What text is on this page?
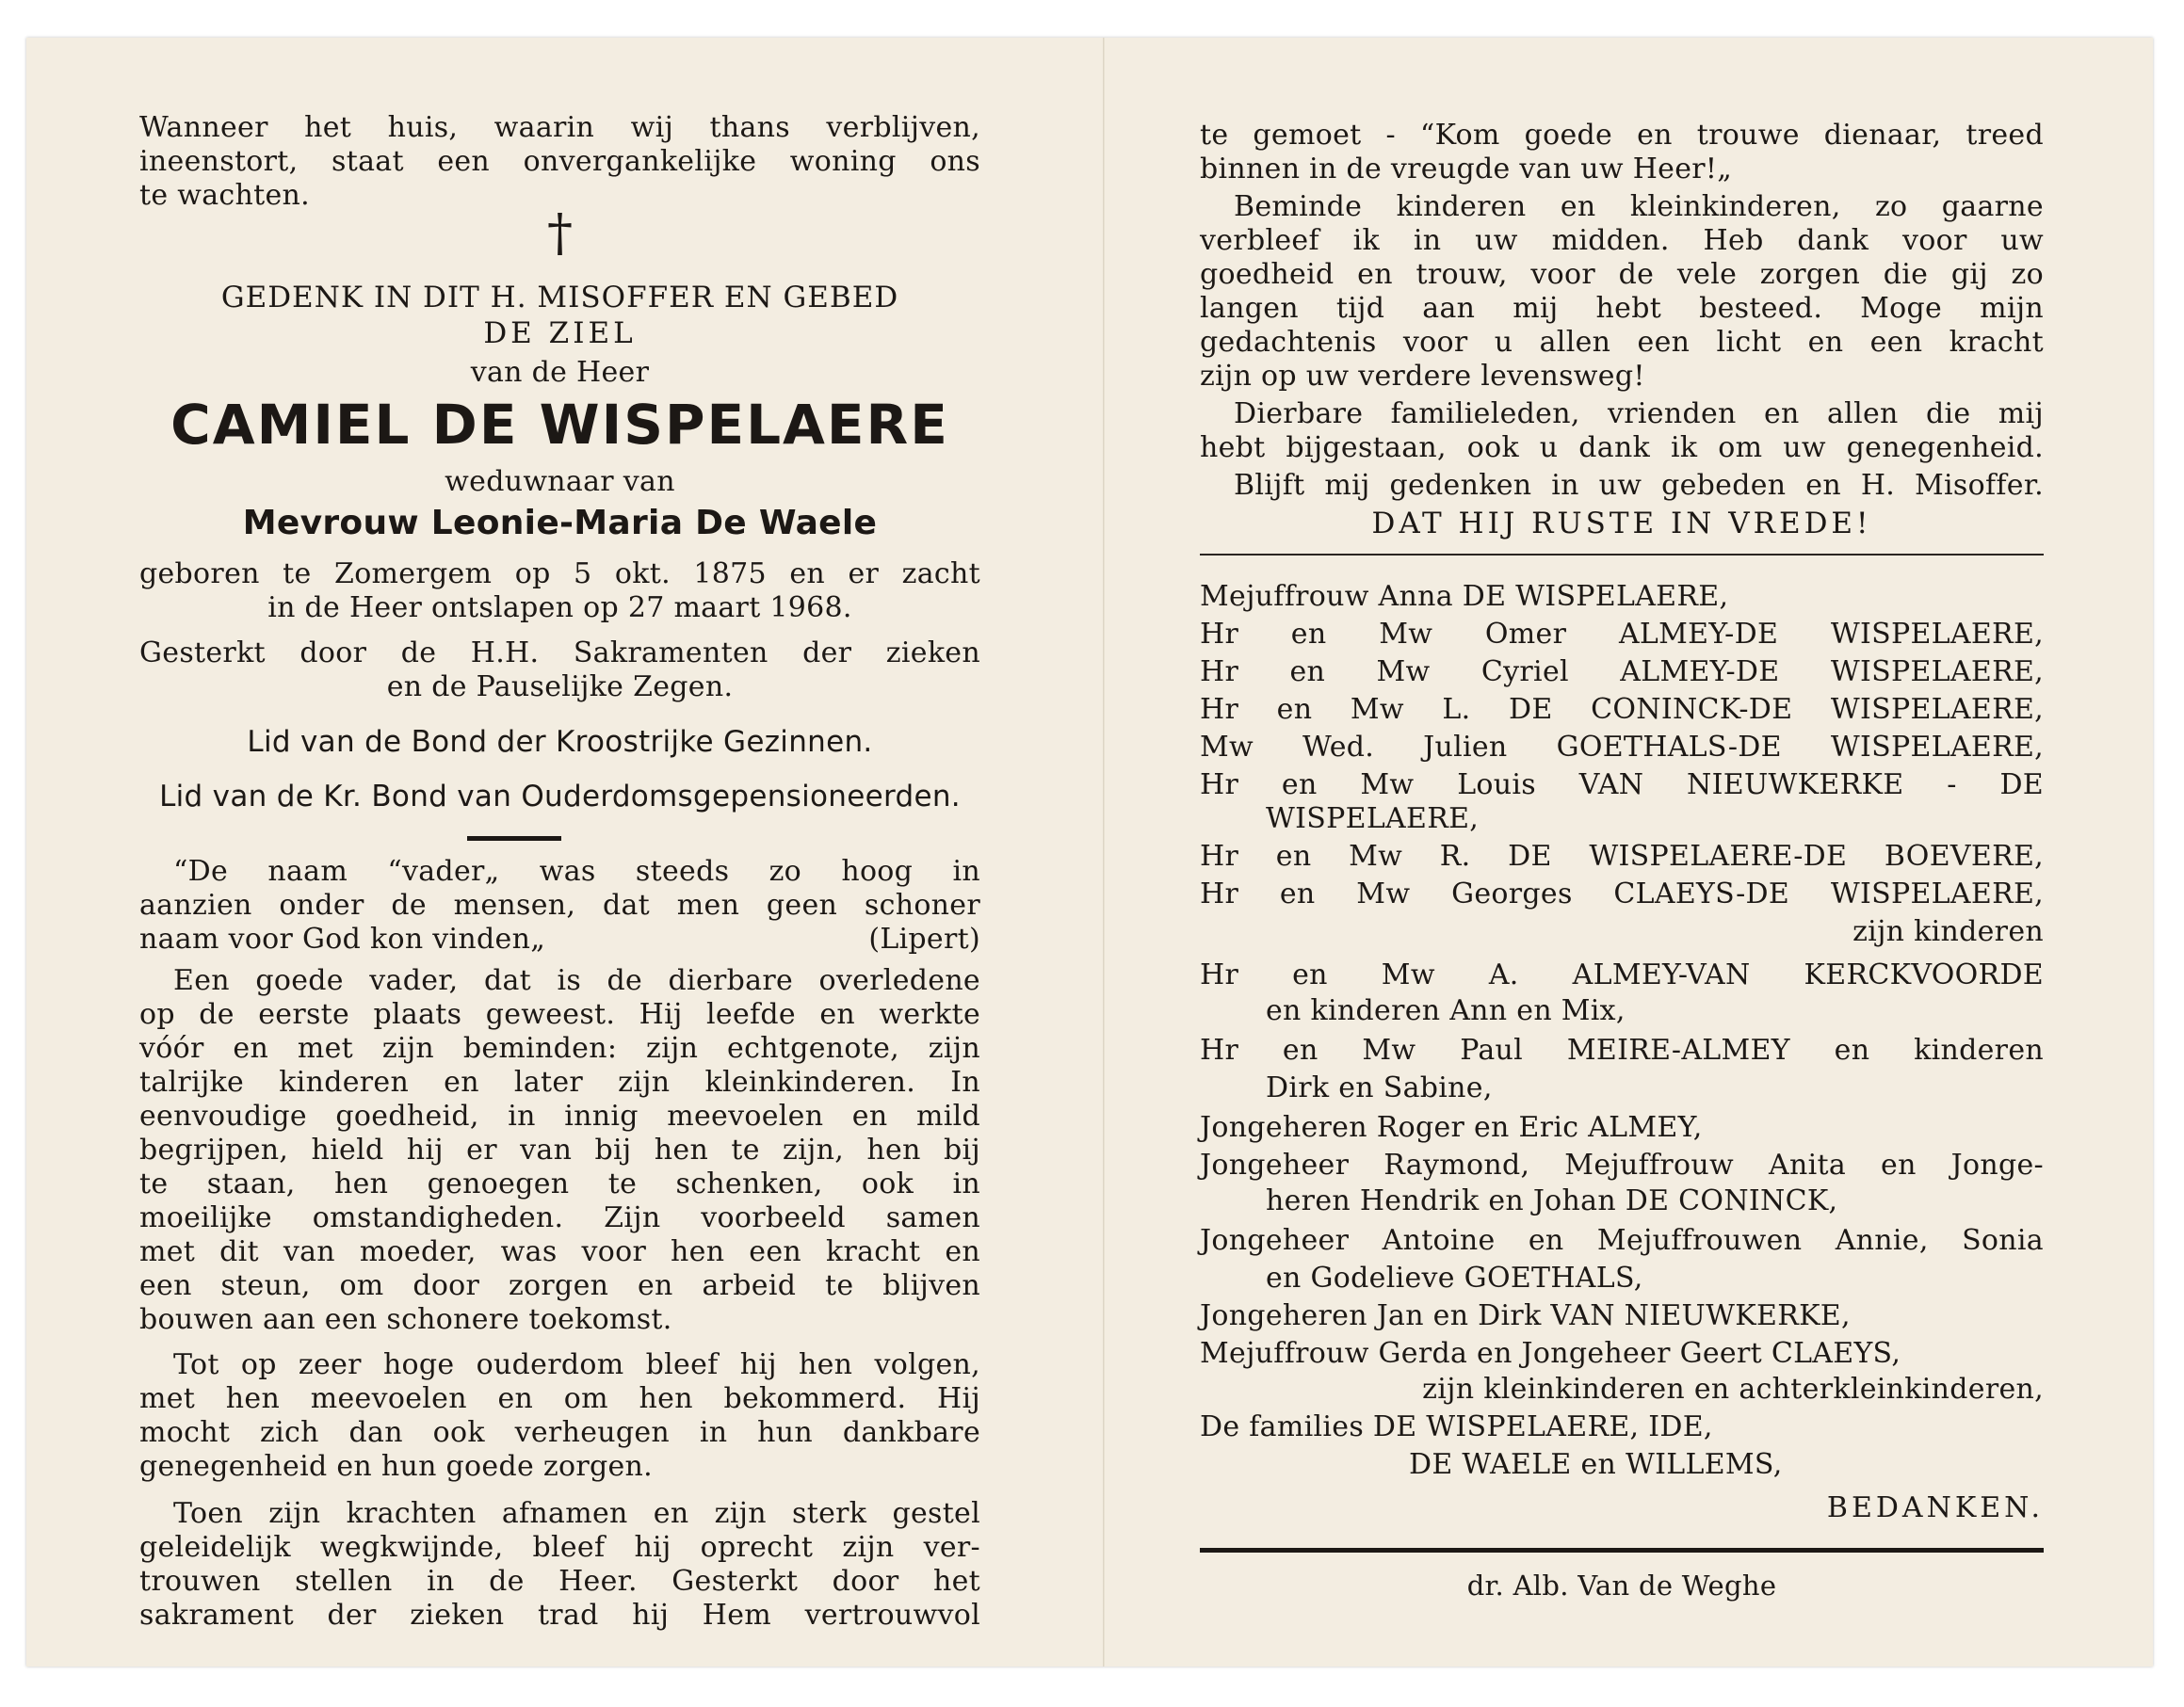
Wanneer het huis, waarin wij thans verblijven,
ineenstort, staat een onvergankelijke woning ons
te wachten.
†
GEDENK IN DIT H. MISOFFER EN GEBED
DE ZIEL
van de Heer
CAMIEL DE WISPELAERE
weduwnaar van
Mevrouw Leonie-Maria De Waele
geboren te Zomergem op 5 okt. 1875 en er zacht
in de Heer ontslapen op 27 maart 1968.
Gesterkt door de H.H. Sakramenten der zieken
en de Pauselijke Zegen.
Lid van de Bond der Kroostrijke Gezinnen.
Lid van de Kr. Bond van Ouderdomsgepensioneerden.
“De naam “vader„ was steeds zo hoog in
aanzien onder de mensen, dat men geen schoner
naam voor God kon vinden„	(Lipert)
Een goede vader, dat is de dierbare overledene
op de eerste plaats geweest. Hij leefde en werkte
vóór en met zijn beminden: zijn echtgenote, zijn
talrijke kinderen en later zijn kleinkinderen. In
eenvoudige goedheid, in innig meevoelen en mild
begrijpen, hield hij er van bij hen te zijn, hen bij
te staan, hen genoegen te schenken, ook in
moeilijke omstandigheden. Zijn voorbeeld samen
met dit van moeder, was voor hen een kracht en
een steun, om door zorgen en arbeid te blijven
bouwen aan een schonere toekomst.
Tot op zeer hoge ouderdom bleef hij hen volgen,
met hen meevoelen en om hen bekommerd. Hij
mocht zich dan ook verheugen in hun dankbare
genegenheid en hun goede zorgen.
Toen zijn krachten afnamen en zijn sterk gestel
geleidelijk wegkwijnde, bleef hij oprecht zijn ver-
trouwen stellen in de Heer. Gesterkt door het
sakrament der zieken trad hij Hem vertrouwvol
te gemoet - “Kom goede en trouwe dienaar, treed
binnen in de vreugde van uw Heer!„
Beminde kinderen en kleinkinderen, zo gaarne
verbleef ik in uw midden. Heb dank voor uw
goedheid en trouw, voor de vele zorgen die gij zo
langen tijd aan mij hebt besteed. Moge mijn
gedachtenis voor u allen een licht en een kracht
zijn op uw verdere levensweg!
Dierbare familieleden, vrienden en allen die mij
hebt bijgestaan, ook u dank ik om uw genegenheid.
Blijft mij gedenken in uw gebeden en H. Misoffer.
DAT HIJ RUSTE IN VREDE!
Mejuffrouw Anna DE WISPELAERE,
Hr en Mw Omer ALMEY-DE WISPELAERE,
Hr en Mw Cyriel ALMEY-DE WISPELAERE,
Hr en Mw L. DE CONINCK-DE WISPELAERE,
Mw Wed. Julien GOETHALS-DE WISPELAERE,
Hr en Mw Louis VAN NIEUWKERKE - DE
WISPELAERE,
Hr en Mw R. DE WISPELAERE-DE BOEVERE,
Hr en Mw Georges CLAEYS-DE WISPELAERE,
zijn kinderen
Hr en Mw A. ALMEY-VAN KERCKVOORDE
en kinderen Ann en Mix,
Hr en Mw Paul MEIRE-ALMEY en kinderen
Dirk en Sabine,
Jongeheren Roger en Eric ALMEY,
Jongeheer Raymond, Mejuffrouw Anita en Jonge-
heren Hendrik en Johan DE CONINCK,
Jongeheer Antoine en Mejuffrouwen Annie, Sonia
en Godelieve GOETHALS,
Jongeheren Jan en Dirk VAN NIEUWKERKE,
Mejuffrouw Gerda en Jongeheer Geert CLAEYS,
zijn kleinkinderen en achterkleinkinderen,
De families DE WISPELAERE, IDE,
DE WAELE en WILLEMS,
BEDANKEN.
dr. Alb. Van de Weghe
